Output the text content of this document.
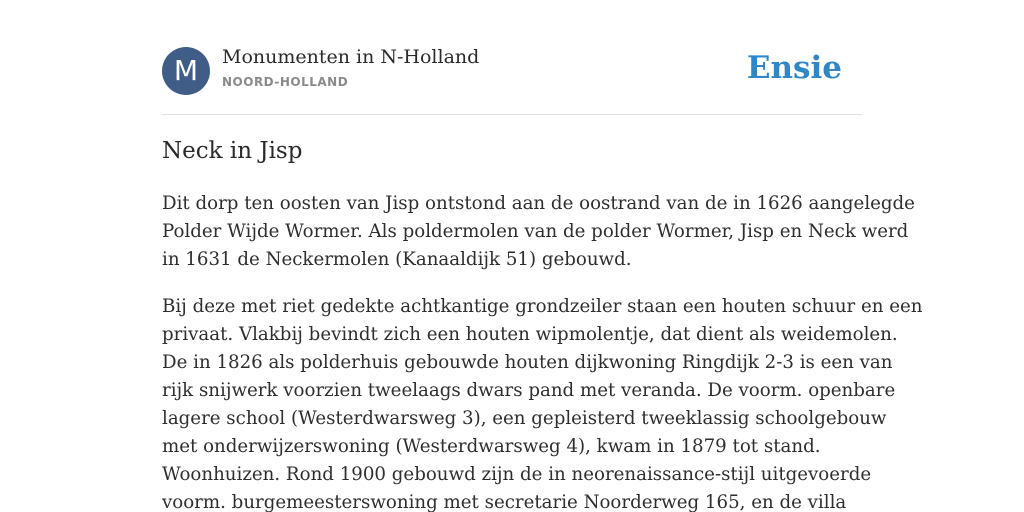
M	Monumenten in N-Holland
NOORD-HOLLAND	Ensie
Neck in Jisp

Dit dorp ten oosten van Jisp ontstond aan de oostrand van de in 1626 aangelegde
Polder Wijde Wormer. Als poldermolen van de polder Wormer, Jisp en Neck werd
in 1631 de Neckermolen (Kanaaldijk 51) gebouwd.

Bij deze met riet gedekte achtkantige grondzeiler staan een houten schuur en een
privaat. Vlakbij bevindt zich een houten wipmolentje, dat dient als weidemolen.
De in 1826 als polderhuis gebouwde houten dijkwoning Ringdijk 2-3 is een van
rijk snijwerk voorzien tweelaags dwars pand met veranda. De voorm. openbare
lagere school (Westerdwarsweg 3), een gepleisterd tweeklassig schoolgebouw
met onderwijzerswoning (Westerdwarsweg 4), kwam in 1879 tot stand.
Woonhuizen. Rond 1900 gebouwd zijn de in neorenaissance-stijl uitgevoerde
voorm. burgemeesterswoning met secretarie Noorderweg 165, en de villa
